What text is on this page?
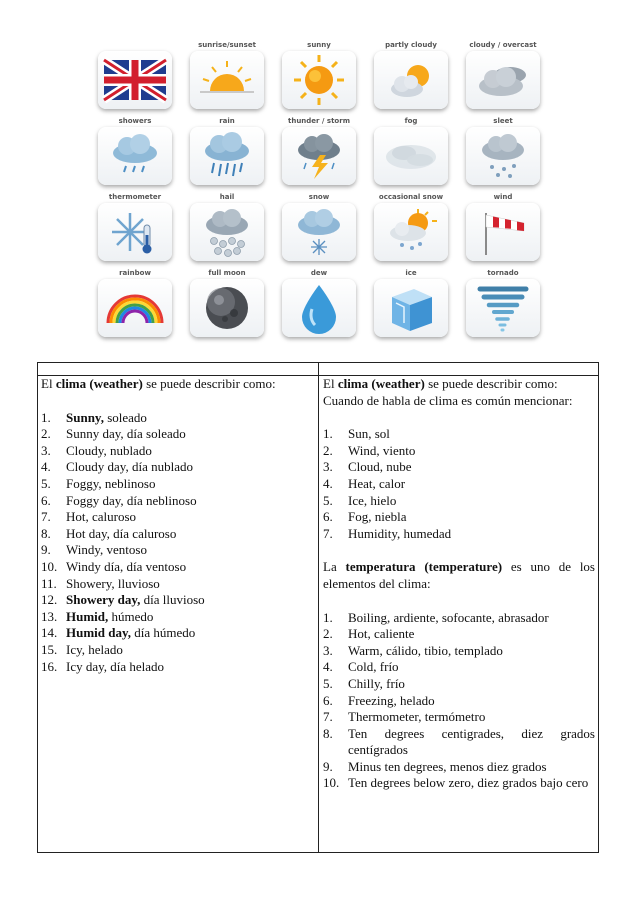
sunrise/sunset	sunny	partly cloudy	cloudy / overcast
showers	rain	thunder / storm	fog	sleet
thermometer	hail	snow	occasional snow	wind
rainbow	full moon	dew	ice	tornado

El clima (weather) se puede describir como:

1. Sunny, soleado
2. Sunny day, día soleado
3. Cloudy, nublado
4. Cloudy day, día nublado
5. Foggy, neblinoso
6. Foggy day, día neblinoso
7. Hot, caluroso
8. Hot day, día caluroso
9. Windy, ventoso
10. Windy día, día ventoso
11. Showery, lluvioso
12. Showery day, día lluvioso
13. Humid, húmedo
14. Humid day, día húmedo
15. Icy, helado
16. Icy day, día helado

El clima (weather) se puede describir como:

Cuando de habla de clima es común mencionar:

1. Sun, sol
2. Wind, viento
3. Cloud, nube
4. Heat, calor
5. Ice, hielo
6. Fog, niebla
7. Humidity, humedad

La temperatura (temperature) es uno de los elementos del clima:

1. Boiling, ardiente, sofocante, abrasador
2. Hot, caliente
3. Warm, cálido, tibio, templado
4. Cold, frío
5. Chilly, frío
6. Freezing, helado
7. Thermometer, termómetro
8. Ten degrees centigrades, diez grados centígrados
9. Minus ten degrees, menos diez grados
10. Ten degrees below zero, diez grados bajo cero
